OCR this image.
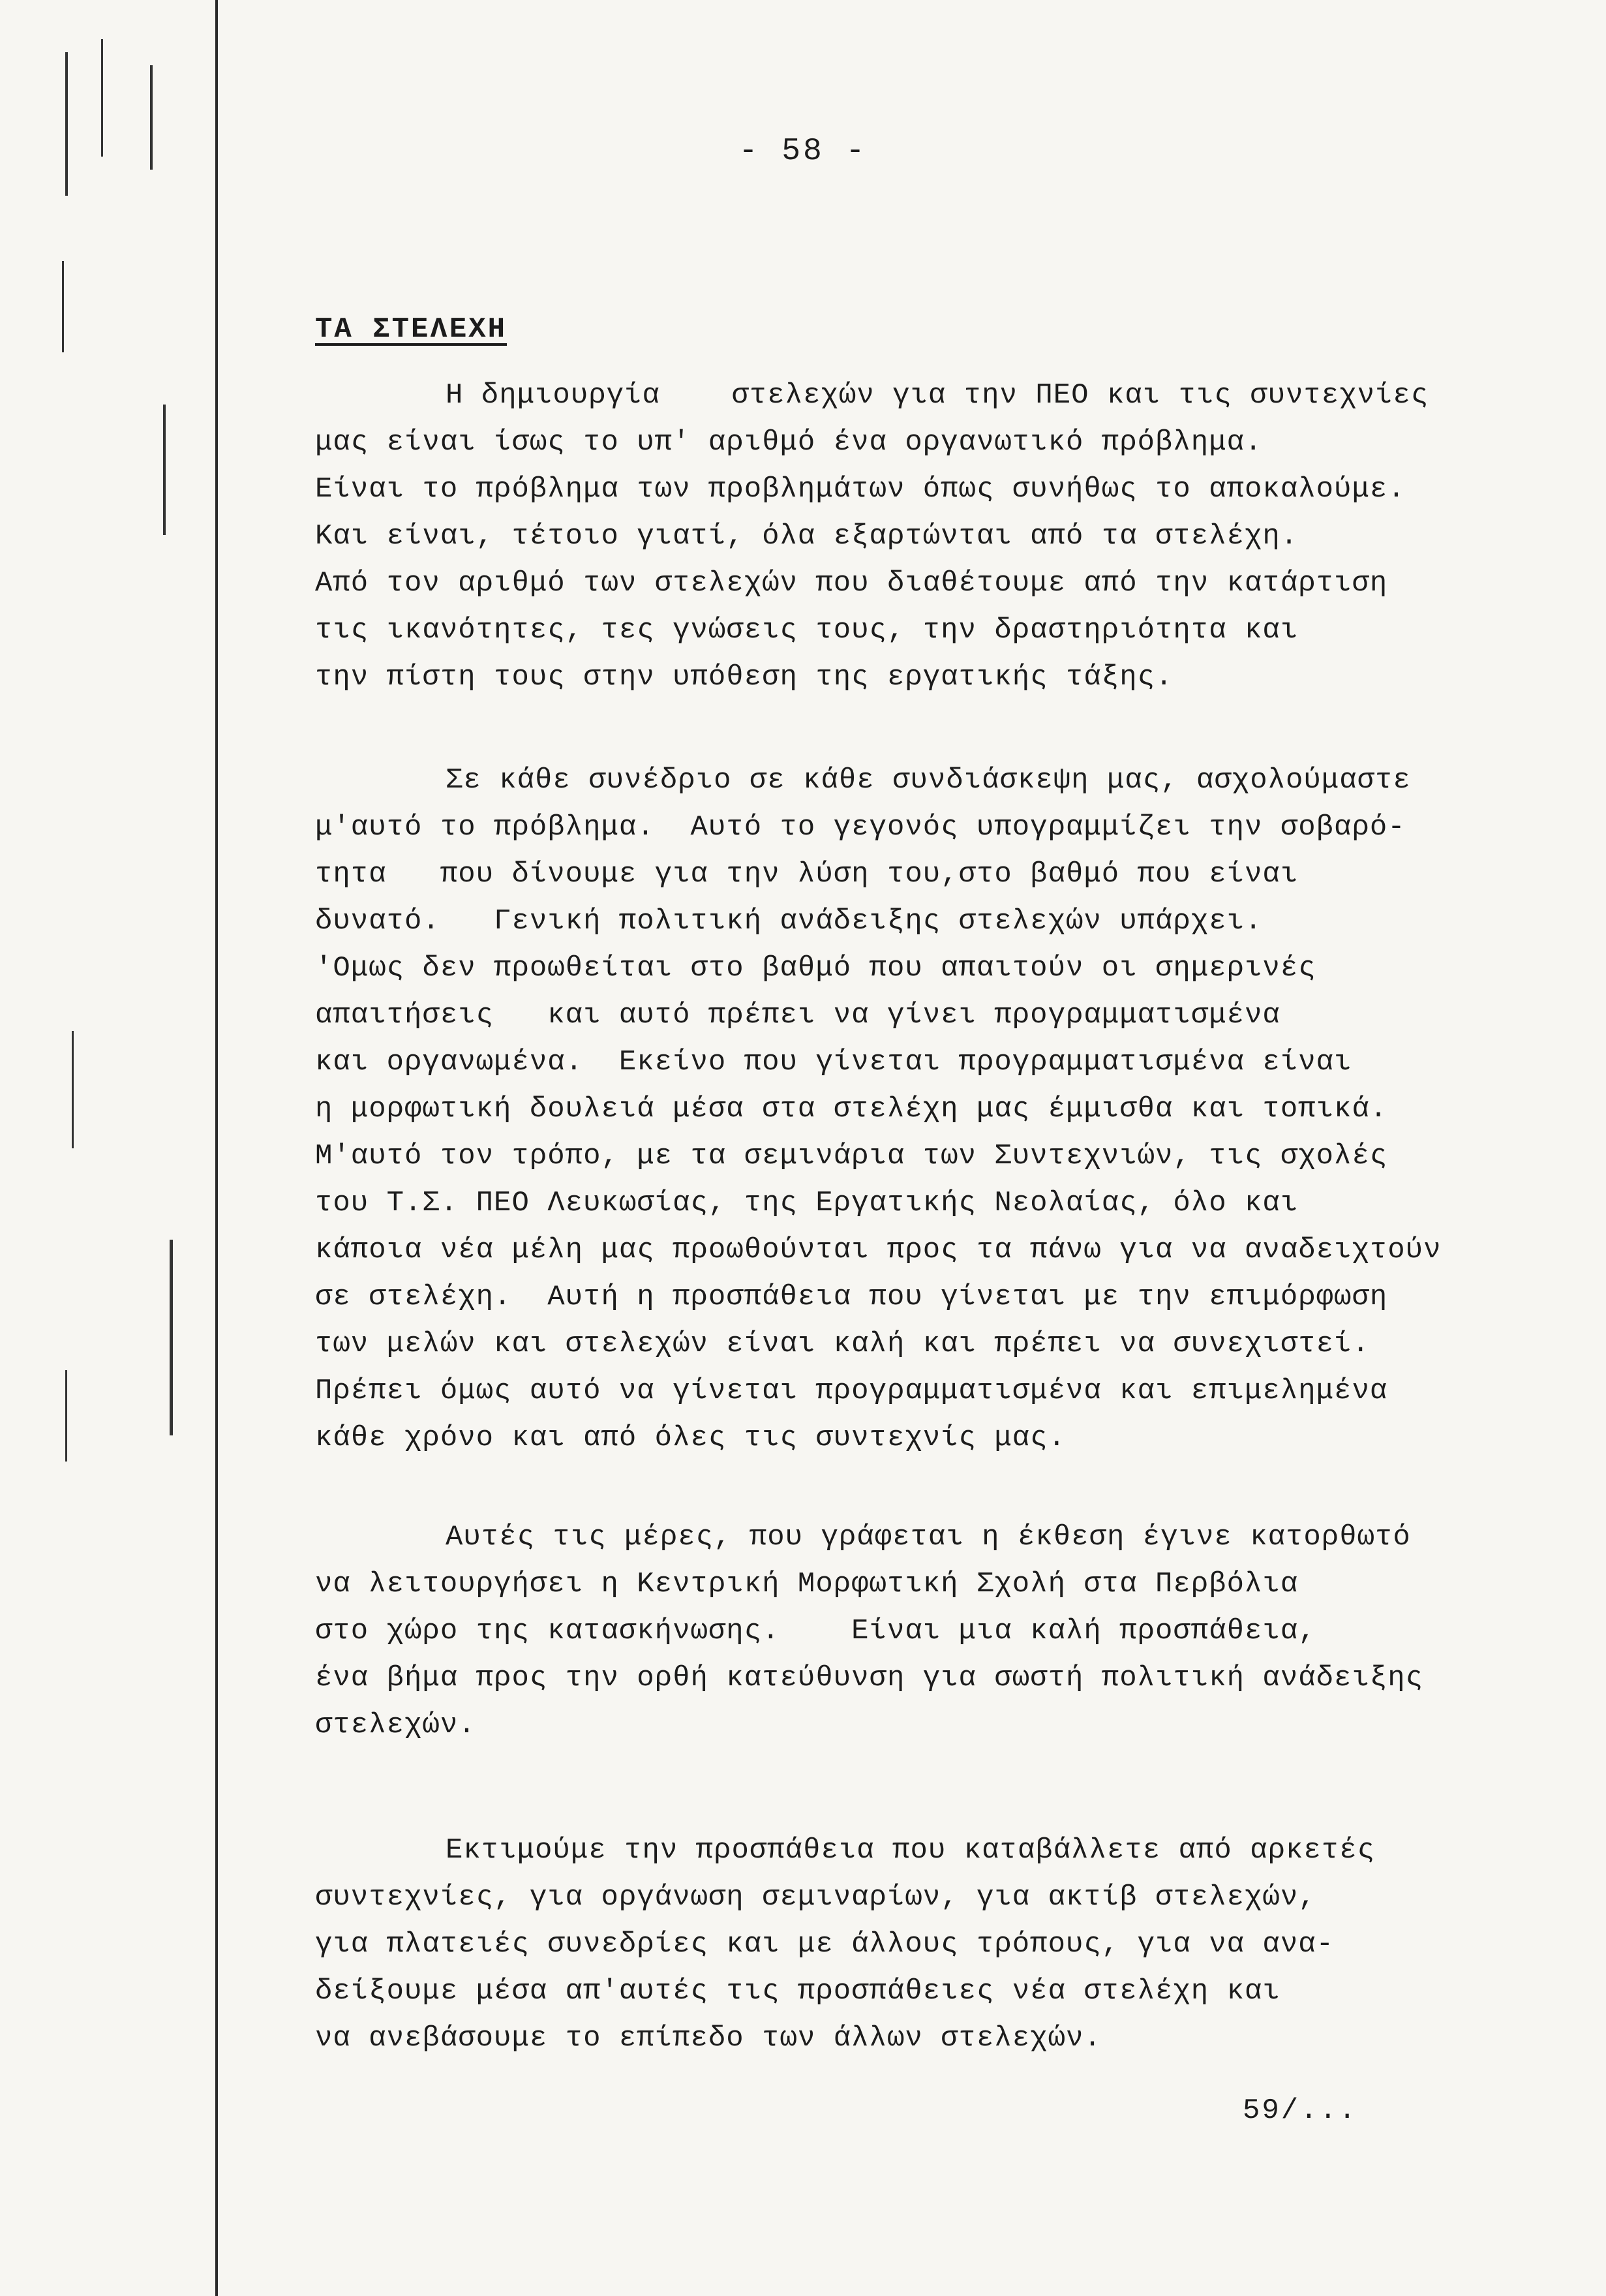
- 58 -
ΤΑ ΣΤΕΛΕΧΗ
Η δημιουργία    στελεχών για την ΠΕΟ και τις συντεχνίες
μας είναι ίσως το υπ' αριθμό ένα οργανωτικό πρόβλημα.
Είναι το πρόβλημα των προβλημάτων όπως συνήθως το αποκαλούμε.
Και είναι, τέτοιο γιατί, όλα εξαρτώνται από τα στελέχη.
Από τον αριθμό των στελεχών που διαθέτουμε από την κατάρτιση
τις ικανότητες, τες γνώσεις τους, την δραστηριότητα και
την πίστη τους στην υπόθεση της εργατικής τάξης.
Σε κάθε συνέδριο σε κάθε συνδιάσκεψη μας, ασχολούμαστε
μ'αυτό το πρόβλημα.  Αυτό το γεγονός υπογραμμίζει την σοβαρό-
τητα   που δίνουμε για την λύση του,στο βαθμό που είναι
δυνατό.   Γενική πολιτική ανάδειξης στελεχών υπάρχει.
'Ομως δεν προωθείται στο βαθμό που απαιτούν οι σημερινές
απαιτήσεις   και αυτό πρέπει να γίνει προγραμματισμένα
και οργανωμένα.  Εκείνο που γίνεται προγραμματισμένα είναι
η μορφωτική δουλειά μέσα στα στελέχη μας έμμισθα και τοπικά.
Μ'αυτό τον τρόπο, με τα σεμινάρια των Συντεχνιών, τις σχολές
του Τ.Σ. ΠΕΟ Λευκωσίας, της Εργατικής Νεολαίας, όλο και
κάποια νέα μέλη μας προωθούνται προς τα πάνω για να αναδειχτούν
σε στελέχη.  Αυτή η προσπάθεια που γίνεται με την επιμόρφωση
των μελών και στελεχών είναι καλή και πρέπει να συνεχιστεί.
Πρέπει όμως αυτό να γίνεται προγραμματισμένα και επιμελημένα
κάθε χρόνο και από όλες τις συντεχνίς μας.
Αυτές τις μέρες, που γράφεται η έκθεση έγινε κατορθωτό
να λειτουργήσει η Κεντρική Μορφωτική Σχολή στα Περβόλια
στο χώρο της κατασκήνωσης.    Είναι μια καλή προσπάθεια,
ένα βήμα προς την ορθή κατεύθυνση για σωστή πολιτική ανάδειξης
στελεχών.
Εκτιμούμε την προσπάθεια που καταβάλλετε από αρκετές
συντεχνίες, για οργάνωση σεμιναρίων, για ακτίβ στελεχών,
για πλατειές συνεδρίες και με άλλους τρόπους, για να ανα-
δείξουμε μέσα απ'αυτές τις προσπάθειες νέα στελέχη και
να ανεβάσουμε το επίπεδο των άλλων στελεχών.
59/...
